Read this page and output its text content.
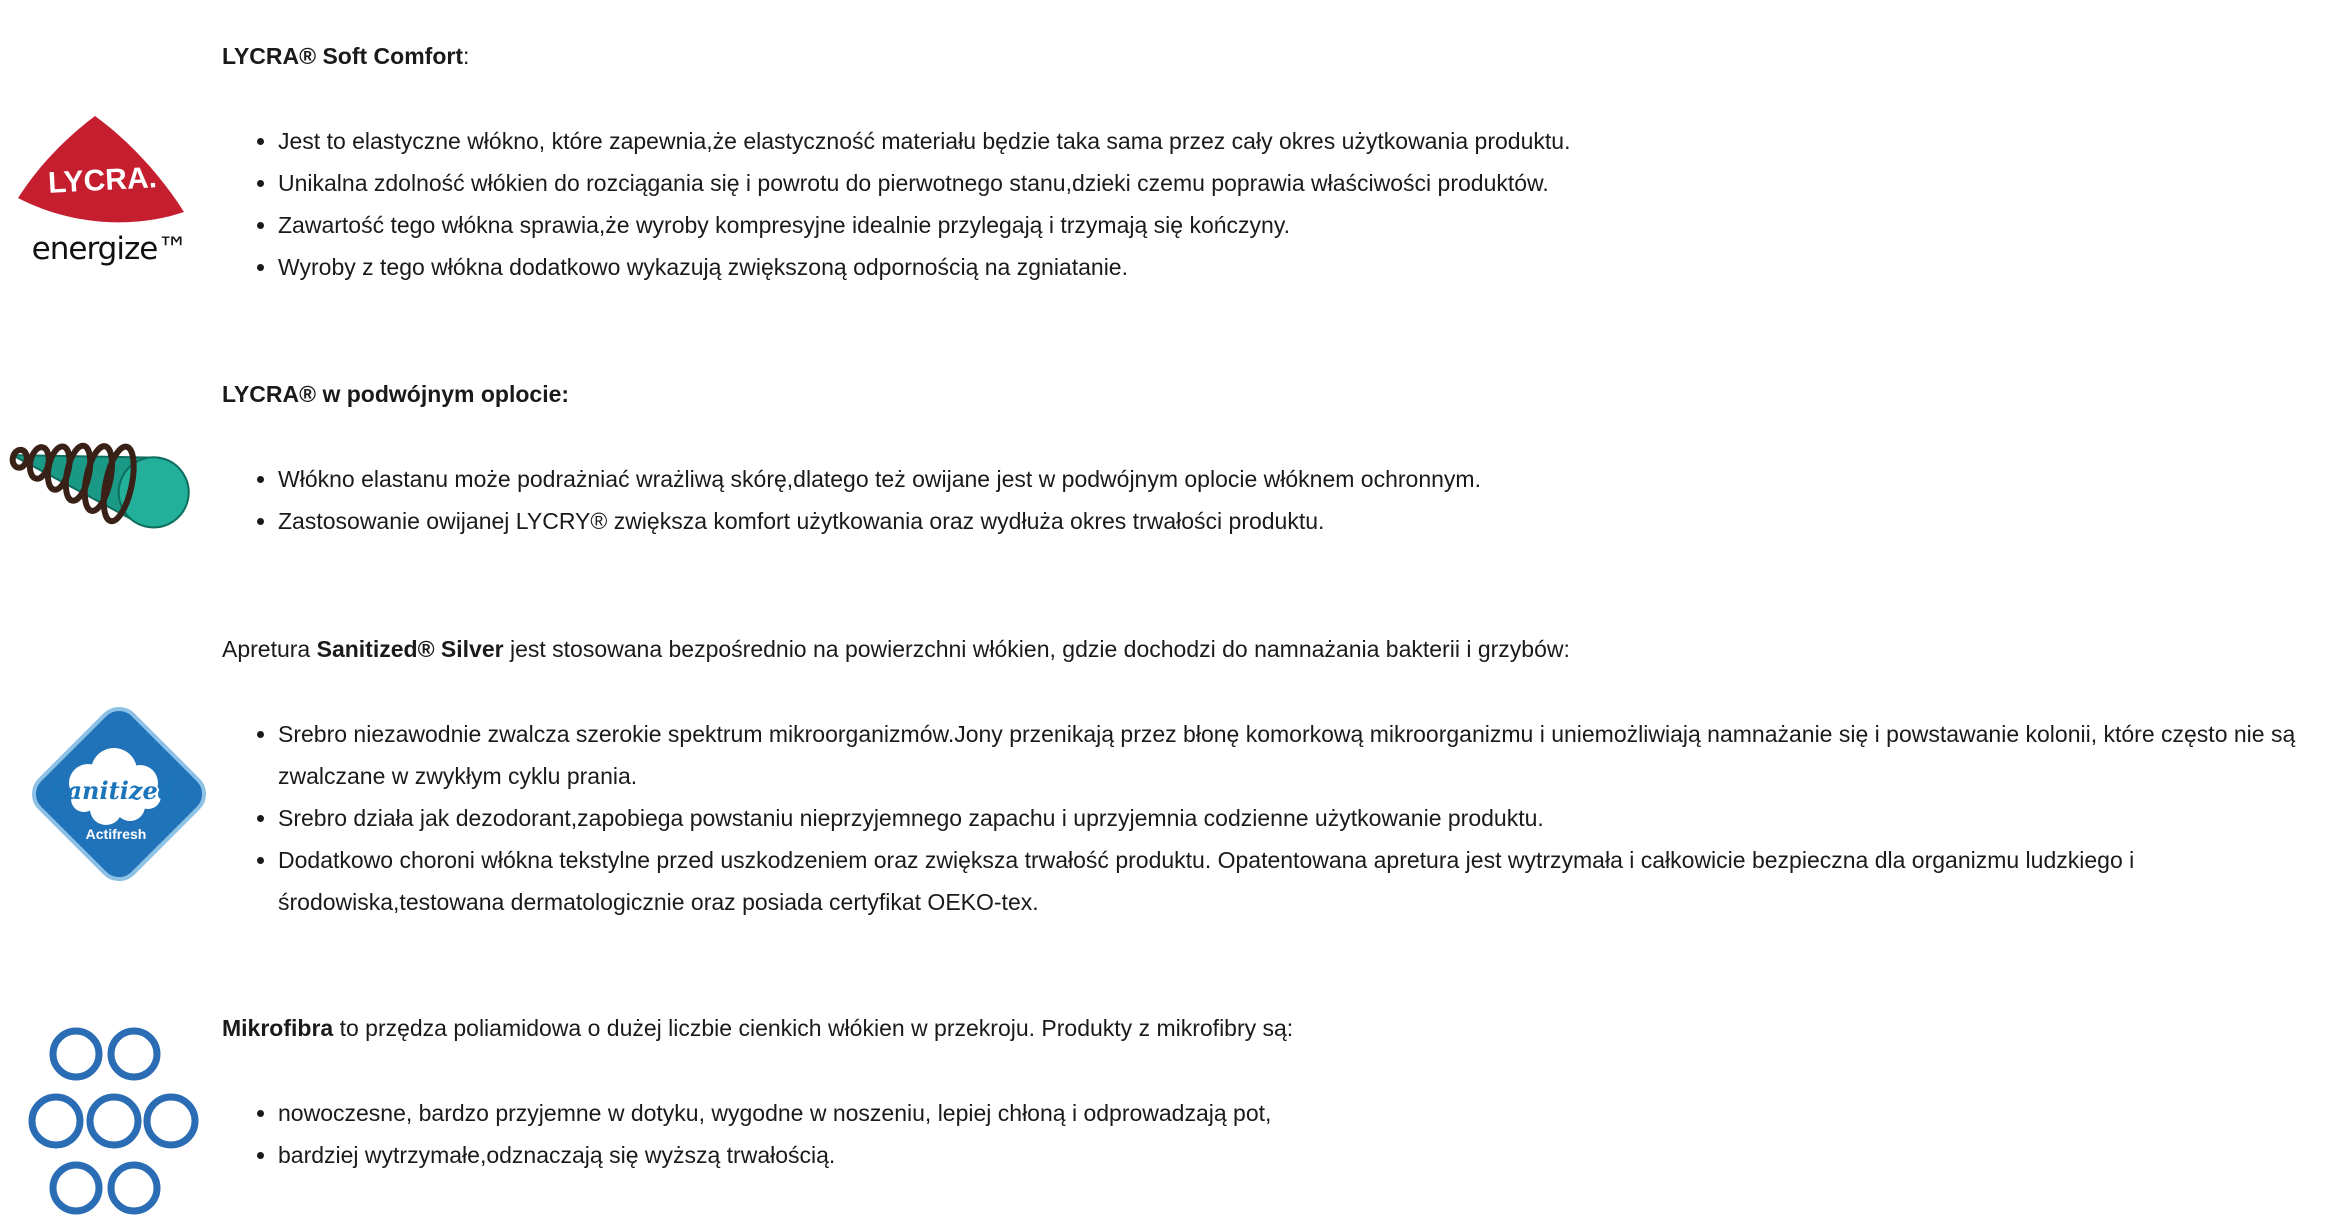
LYCRA.
energize™

LYCRA® Soft Comfort:

• Jest to elastyczne włókno, które zapewnia,że elastyczność materiału będzie taka sama przez cały okres użytkowania produktu.
• Unikalna zdolność włókien do rozciągania się i powrotu do pierwotnego stanu,dzieki czemu poprawia właściwości produktów.
• Zawartość tego włókna sprawia,że wyroby kompresyjne idealnie przylegają i trzymają się kończyny.
• Wyroby z tego włókna dodatkowo wykazują zwiększoną odpornością na zgniatanie.

LYCRA® w podwójnym oplocie:

• Włókno elastanu może podrażniać wrażliwą skórę,dlatego też owijane jest w podwójnym oplocie włóknem ochronnym.
• Zastosowanie owijanej LYCRY® zwiększa komfort użytkowania oraz wydłuża okres trwałości produktu.
Sanitized.
Actifresh

Apretura Sanitized® Silver jest stosowana bezpośrednio na powierzchni włókien, gdzie dochodzi do namnażania bakterii i grzybów:

• Srebro niezawodnie zwalcza szerokie spektrum mikroorganizmów.Jony przenikają przez błonę komorkową mikroorganizmu i uniemożliwiają namnażanie się i powstawanie kolonii, które często nie są zwalczane w zwykłym cyklu prania.
• Srebro działa jak dezodorant,zapobiega powstaniu nieprzyjemnego zapachu i uprzyjemnia codzienne użytkowanie produktu.
• Dodatkowo choroni włókna tekstylne przed uszkodzeniem oraz zwiększa trwałość produktu. Opatentowana apretura jest wytrzymała i całkowicie bezpieczna dla organizmu ludzkiego i środowiska,testowana dermatologicznie oraz posiada certyfikat OEKO-tex.

Mikrofibra to przędza poliamidowa o dużej liczbie cienkich włókien w przekroju. Produkty z mikrofibry są:

• nowoczesne, bardzo przyjemne w dotyku, wygodne w noszeniu, lepiej chłoną i odprowadzają pot,
• bardziej wytrzymałe,odznaczają się wyższą trwałością.
